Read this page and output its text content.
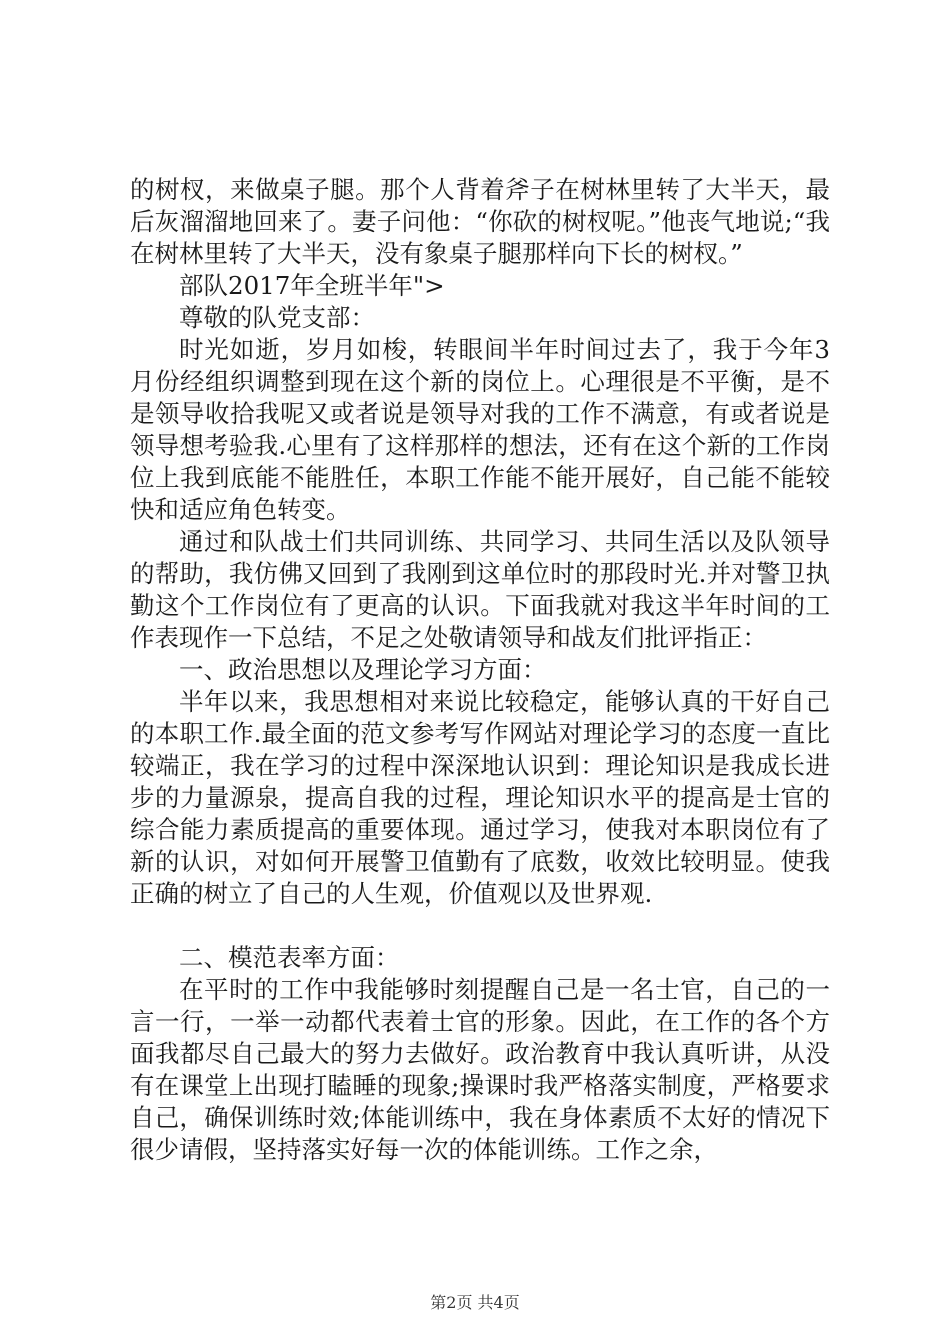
的树杈，来做桌子腿。那个人背着斧子在树林里转了大半天，最后灰溜溜地回来了。妻子问他：“你砍的树杈呢。”他丧气地说;“我在树林里转了大半天，没有象桌子腿那样向下长的树杈。”

部队2017年全班半年">

尊敬的队党支部：

时光如逝，岁月如梭，转眼间半年时间过去了，我于今年3月份经组织调整到现在这个新的岗位上。心理很是不平衡，是不是领导收拾我呢又或者说是领导对我的工作不满意，有或者说是领导想考验我.心里有了这样那样的想法，还有在这个新的工作岗位上我到底能不能胜任，本职工作能不能开展好，自己能不能较快和适应角色转变。

通过和队战士们共同训练、共同学习、共同生活以及队领导的帮助，我仿佛又回到了我刚到这单位时的那段时光.并对警卫执勤这个工作岗位有了更高的认识。下面我就对我这半年时间的工作表现作一下总结，不足之处敬请领导和战友们批评指正：

一、政治思想以及理论学习方面：

半年以来，我思想相对来说比较稳定，能够认真的干好自己的本职工作.最全面的范文参考写作网站对理论学习的态度一直比较端正，我在学习的过程中深深地认识到：理论知识是我成长进步的力量源泉，提高自我的过程，理论知识水平的提高是士官的综合能力素质提高的重要体现。通过学习，使我对本职岗位有了新的认识，对如何开展警卫值勤有了底数，收效比较明显。使我正确的树立了自己的人生观，价值观以及世界观.

二、模范表率方面：

在平时的工作中我能够时刻提醒自己是一名士官，自己的一言一行，一举一动都代表着士官的形象。因此，在工作的各个方面我都尽自己最大的努力去做好。政治教育中我认真听讲，从没有在课堂上出现打瞌睡的现象;操课时我严格落实制度，严格要求自己，确保训练时效;体能训练中，我在身体素质不太好的情况下很少请假，坚持落实好每一次的体能训练。工作之余，

第2页 共4页
